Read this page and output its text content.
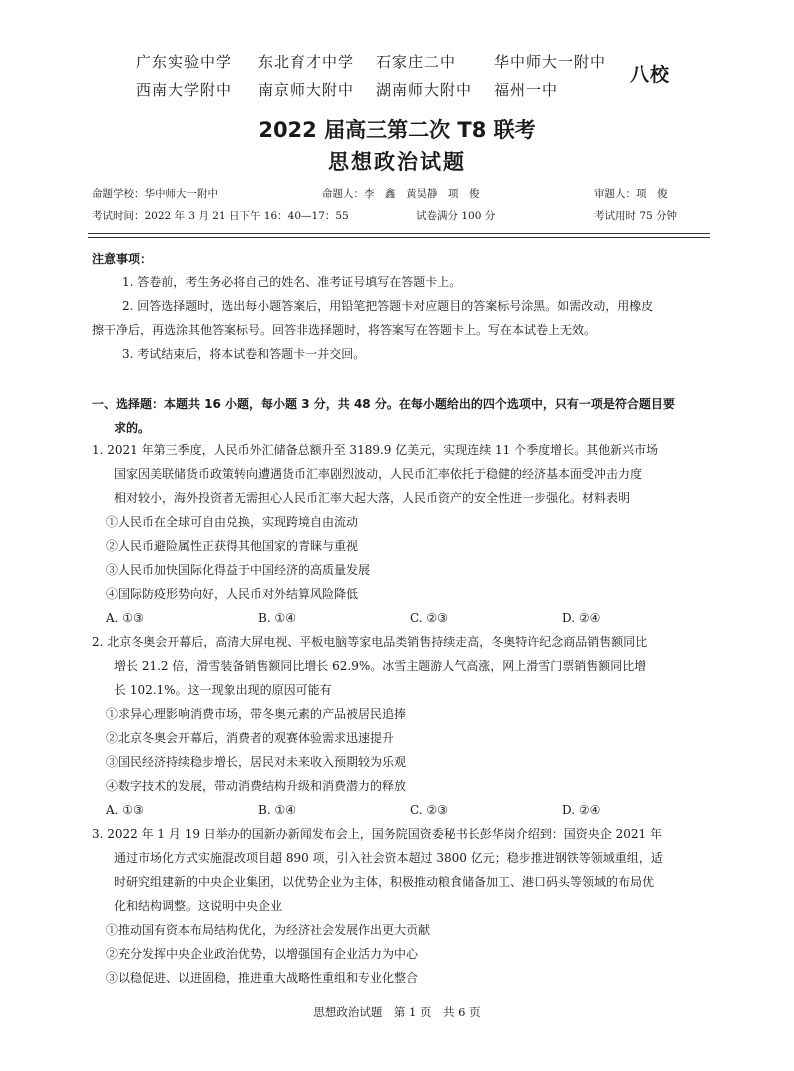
广东实验中学	东北育才中学	石家庄二中	华中师大一附中
西南大学附中	南京师大附中	湖南师大附中	福州一中
八校
2022 届高三第二次 T8 联考
思想政治试题
命题学校：华中师大一附中	命题人：李　鑫　黄昊静　项　俊	审题人：项　俊
考试时间：2022 年 3 月 21 日下午 16：40—17：55	试卷满分 100 分	考试用时 75 分钟
注意事项：
1. 答卷前，考生务必将自己的姓名、准考证号填写在答题卡上。
2. 回答选择题时，选出每小题答案后，用铅笔把答题卡对应题目的答案标号涂黑。如需改动，用橡皮
擦干净后，再选涂其他答案标号。回答非选择题时，将答案写在答题卡上。写在本试卷上无效。
3. 考试结束后，将本试卷和答题卡一并交回。
一、选择题：本题共 16 小题，每小题 3 分，共 48 分。在每小题给出的四个选项中，只有一项是符合题目要
求的。
1. 2021 年第三季度，人民币外汇储备总额升至 3189.9 亿美元，实现连续 11 个季度增长。其他新兴市场
国家因美联储货币政策转向遭遇货币汇率剧烈波动，人民币汇率依托于稳健的经济基本面受冲击力度
相对较小，海外投资者无需担心人民币汇率大起大落，人民币资产的安全性进一步强化。材料表明
①人民币在全球可自由兑换，实现跨境自由流动
②人民币避险属性正获得其他国家的青睐与重视
③人民币加快国际化得益于中国经济的高质量发展
④国际防疫形势向好，人民币对外结算风险降低
A. ①③	B. ①④	C. ②③	D. ②④
2. 北京冬奥会开幕后，高清大屏电视、平板电脑等家电品类销售持续走高，冬奥特许纪念商品销售额同比
增长 21.2 倍，滑雪装备销售额同比增长 62.9%。冰雪主题游人气高涨，网上滑雪门票销售额同比增
长 102.1%。这一现象出现的原因可能有
①求异心理影响消费市场，带冬奥元素的产品被居民追捧
②北京冬奥会开幕后，消费者的观赛体验需求迅速提升
③国民经济持续稳步增长，居民对未来收入预期较为乐观
④数字技术的发展，带动消费结构升级和消费潜力的释放
A. ①③	B. ①④	C. ②③	D. ②④
3. 2022 年 1 月 19 日举办的国新办新闻发布会上，国务院国资委秘书长彭华岗介绍到：国资央企 2021 年
通过市场化方式实施混改项目超 890 项，引入社会资本超过 3800 亿元；稳步推进钢铁等领域重组，适
时研究组建新的中央企业集团，以优势企业为主体，积极推动粮食储备加工、港口码头等领域的布局优
化和结构调整。这说明中央企业
①推动国有资本布局结构优化，为经济社会发展作出更大贡献
②充分发挥中央企业政治优势，以增强国有企业活力为中心
③以稳促进、以进固稳，推进重大战略性重组和专业化整合
思想政治试题　第 1 页　共 6 页
